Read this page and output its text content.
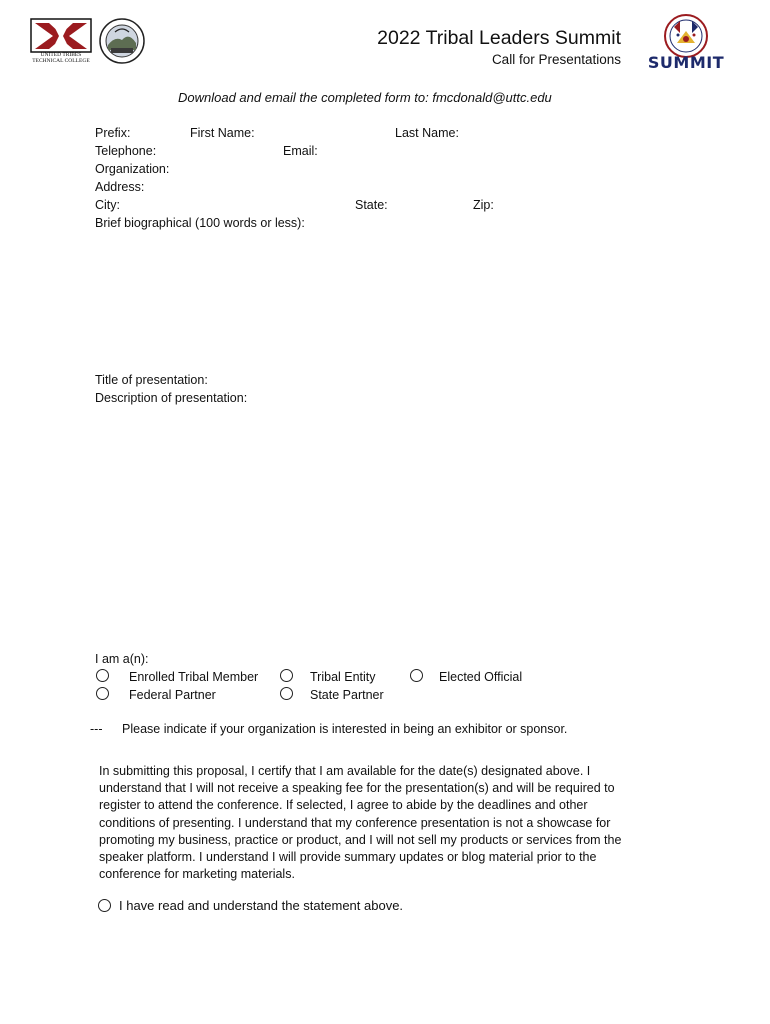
UNITED TRIBES
TECHNICAL COLLEGE	SUMMIT
2022 Tribal Leaders Summit
Call for Presentations
Download and email the completed form to: fmcdonald@uttc.edu
Prefix:	First Name:	Last Name:
Telephone:	Email:
Organization:
Address:
City:	State:	Zip:
Brief biographical (100 words or less):
Title of presentation:
Description of presentation:
I am a(n):
Enrolled Tribal Member	Tribal Entity	Elected Official
Federal Partner	State Partner
--- Please indicate if your organization is interested in being an exhibitor or sponsor.

In submitting this proposal, I certify that I am available for the date(s) designated above. I understand that I will not receive a speaking fee for the presentation(s) and will be required to register to attend the conference. If selected, I agree to abide by the deadlines and other conditions of presenting. I understand that my conference presentation is not a showcase for promoting my business, practice or product, and I will not sell my products or services from the speaker platform. I understand I will provide summary updates or blog material prior to the conference for marketing materials.

I have read and understand the statement above.
